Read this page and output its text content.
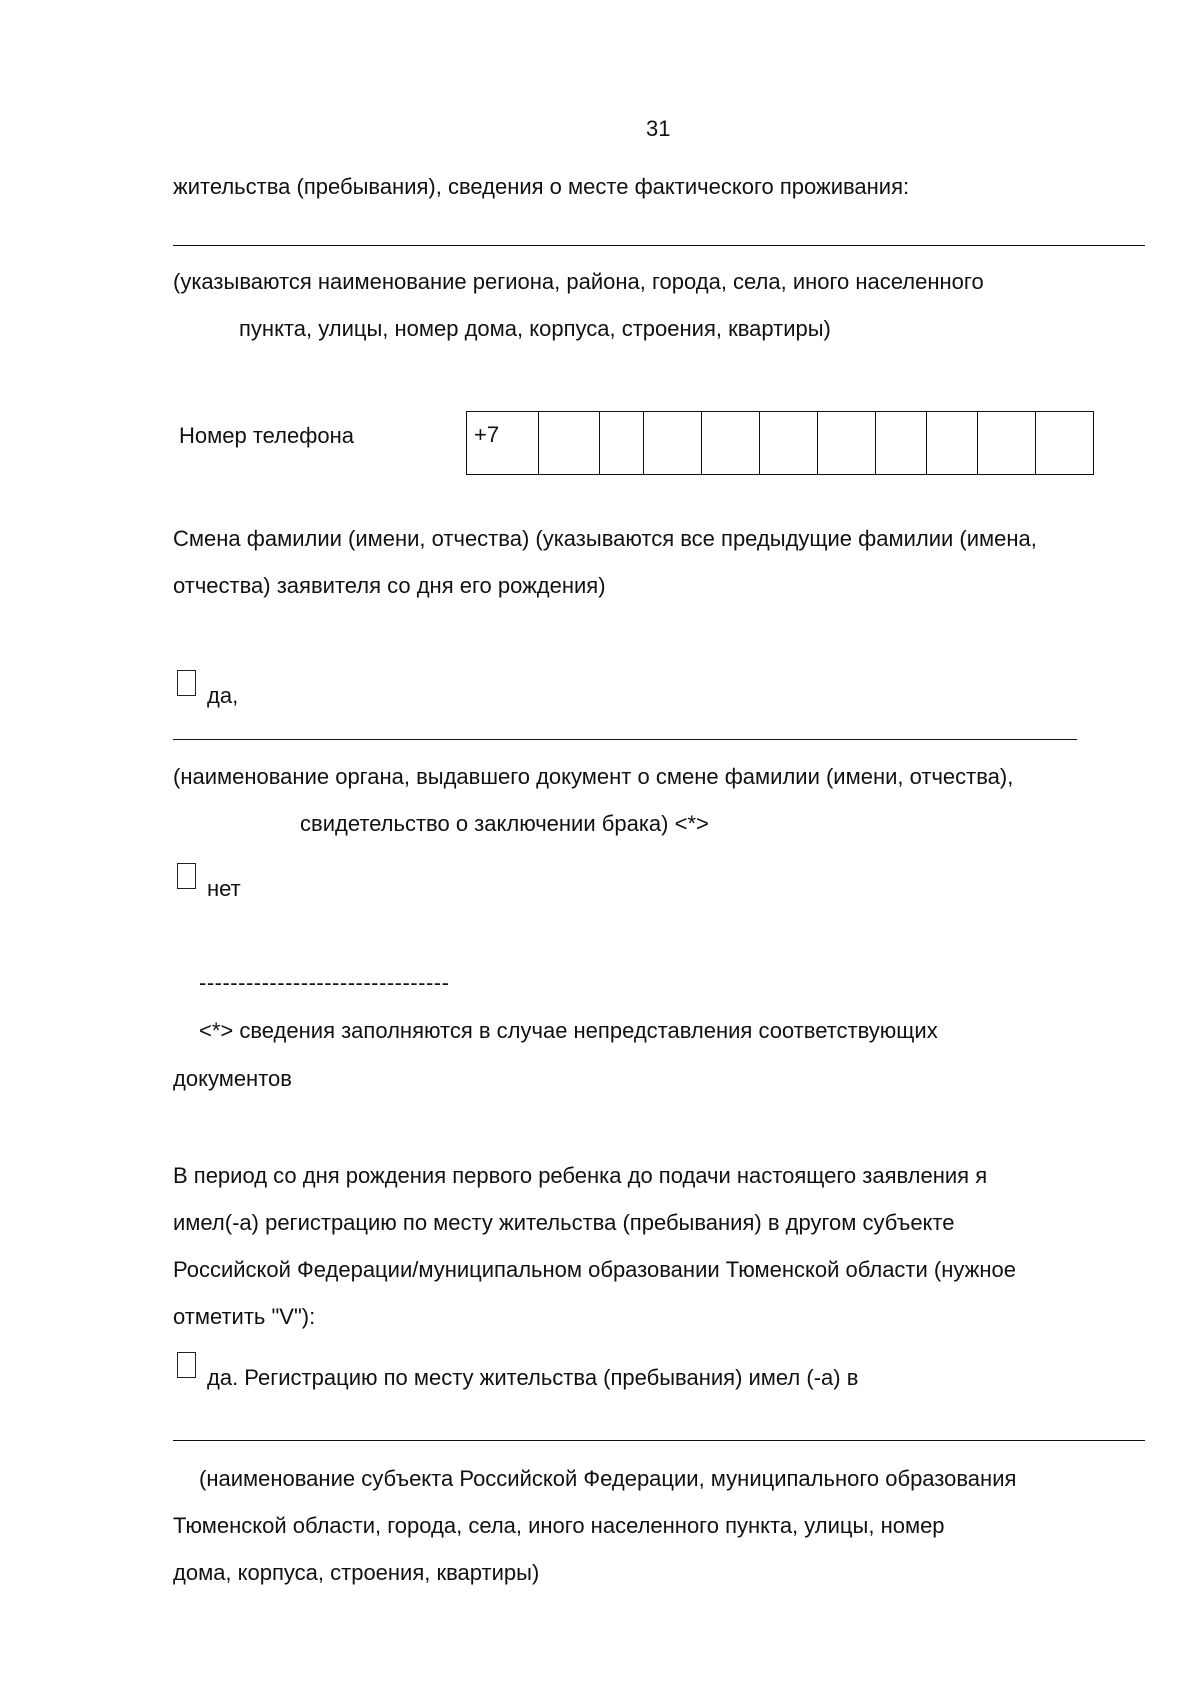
31
жительства (пребывания), сведения о месте фактического проживания:
(указываются наименование региона, района, города, села, иного населенного
пункта, улицы, номер дома, корпуса, строения, квартиры)
Номер телефона	+7										
Смена фамилии (имени, отчества) (указываются все предыдущие фамилии (имена,
отчества) заявителя со дня его рождения)
да,
(наименование органа, выдавшего документ о смене фамилии (имени, отчества),
свидетельство о заключении брака) <*>
нет
--------------------------------
<*> сведения заполняются в случае непредставления соответствующих
документов
В период со дня рождения первого ребенка до подачи настоящего заявления я
имел(-а) регистрацию по месту жительства (пребывания) в другом субъекте
Российской Федерации/муниципальном образовании Тюменской области (нужное
отметить "V"):
да. Регистрацию по месту жительства (пребывания) имел (-а) в
(наименование субъекта Российской Федерации, муниципального образования
Тюменской области, города, села, иного населенного пункта, улицы, номер
дома, корпуса, строения, квартиры)
